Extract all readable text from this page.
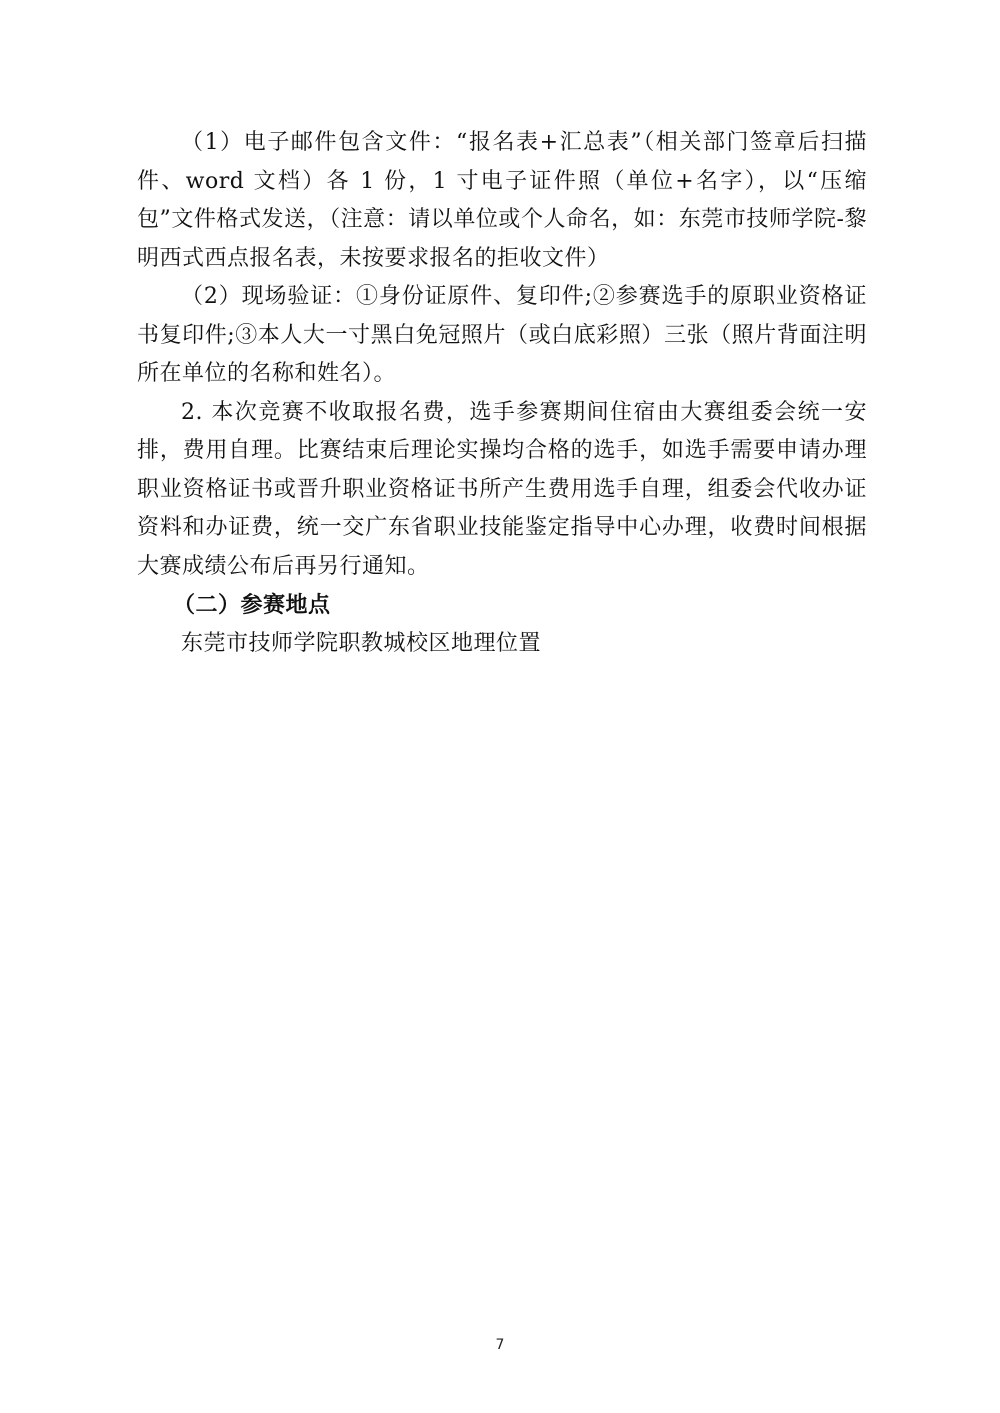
（1）电子邮件包含文件：“报名表+汇总表”（相关部门签章后扫描件、word 文档）各 1 份，1 寸电子证件照（单位+名字），以“压缩包”文件格式发送，（注意：请以单位或个人命名，如：东莞市技师学院-黎明西式西点报名表，未按要求报名的拒收文件）

（2）现场验证：①身份证原件、复印件;②参赛选手的原职业资格证书复印件;③本人大一寸黑白免冠照片（或白底彩照）三张（照片背面注明所在单位的名称和姓名）。

2. 本次竞赛不收取报名费，选手参赛期间住宿由大赛组委会统一安排，费用自理。比赛结束后理论实操均合格的选手，如选手需要申请办理职业资格证书或晋升职业资格证书所产生费用选手自理，组委会代收办证资料和办证费，统一交广东省职业技能鉴定指导中心办理，收费时间根据大赛成绩公布后再另行通知。

（二）参赛地点

东莞市技师学院职教城校区地理位置

7
